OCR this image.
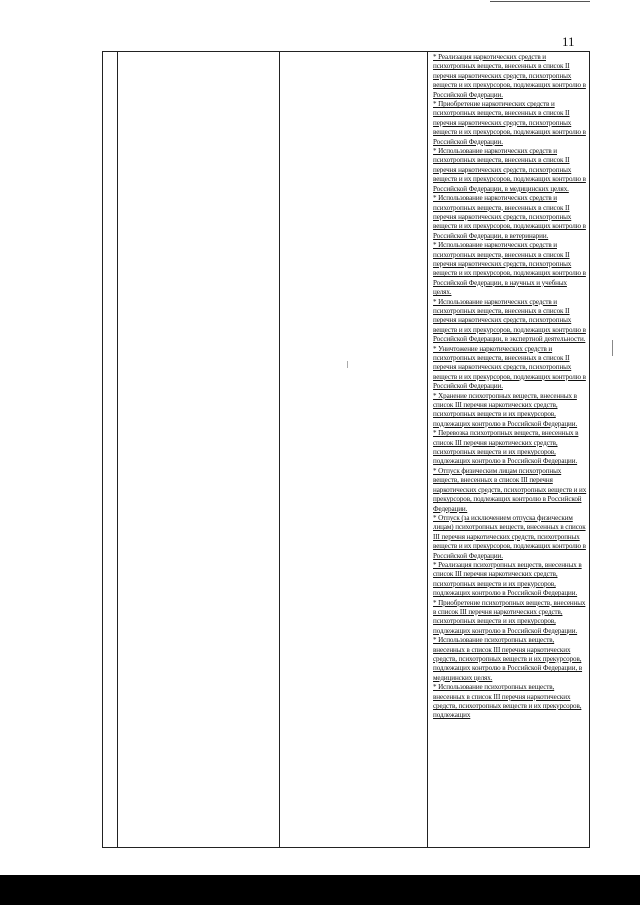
11

* Реализация наркотических средств и психотропных веществ, внесенных в список II перечня наркотических средств, психотропных веществ и их прекурсоров, подлежащих контролю в Российской Федерации.

* Приобретение наркотических средств и психотропных веществ, внесенных в список II перечня наркотических средств, психотропных веществ и их прекурсоров, подлежащих контролю в Российской Федерации.

* Использование наркотических средств и психотропных веществ, внесенных в список II перечня наркотических средств, психотропных веществ и их прекурсоров, подлежащих контролю в Российской Федерации, в медицинских целях.

* Использование наркотических средств и психотропных веществ, внесенных в список II перечня наркотических средств, психотропных веществ и их прекурсоров, подлежащих контролю в Российской Федерации, в ветеринарии.

* Использование наркотических средств и психотропных веществ, внесенных в список II перечня наркотических средств, психотропных веществ и их прекурсоров, подлежащих контролю в Российской Федерации, в научных и учебных целях.

* Использование наркотических средств и психотропных веществ, внесенных в список II перечня наркотических средств, психотропных веществ и их прекурсоров, подлежащих контролю в Российской Федерации, в экспертной деятельности.

* Уничтожение наркотических средств и психотропных веществ, внесенных в список II перечня наркотических средств, психотропных веществ и их прекурсоров, подлежащих контролю в Российской Федерации.

* Хранение психотропных веществ, внесенных в список III перечня наркотических средств, психотропных веществ и их прекурсоров, подлежащих контролю в Российской Федерации.

* Перевозка психотропных веществ, внесенных в список III перечня наркотических средств, психотропных веществ и их прекурсоров, подлежащих контролю в Российской Федерации.

* Отпуск физическим лицам психотропных веществ, внесенных в список III перечня наркотических средств, психотропных веществ и их прекурсоров, подлежащих контролю в Российской Федерации.

* Отпуск (за исключением отпуска физическим лицам) психотропных веществ, внесенных в список III перечня наркотических средств, психотропных веществ и их прекурсоров, подлежащих контролю в Российской Федерации.

* Реализация психотропных веществ, внесенных в список III перечня наркотических средств, психотропных веществ и их прекурсоров, подлежащих контролю в Российской Федерации.

* Приобретение психотропных веществ, внесенных в список III перечня наркотических средств, психотропных веществ и их прекурсоров, подлежащих контролю в Российской Федерации.

* Использование психотропных веществ, внесенных в список III перечня наркотических средств, психотропных веществ и их прекурсоров, подлежащих контролю в Российской Федерации, в медицинских целях.

* Использование психотропных веществ, внесенных в список III перечня наркотических средств, психотропных веществ и их прекурсоров, подлежащих
